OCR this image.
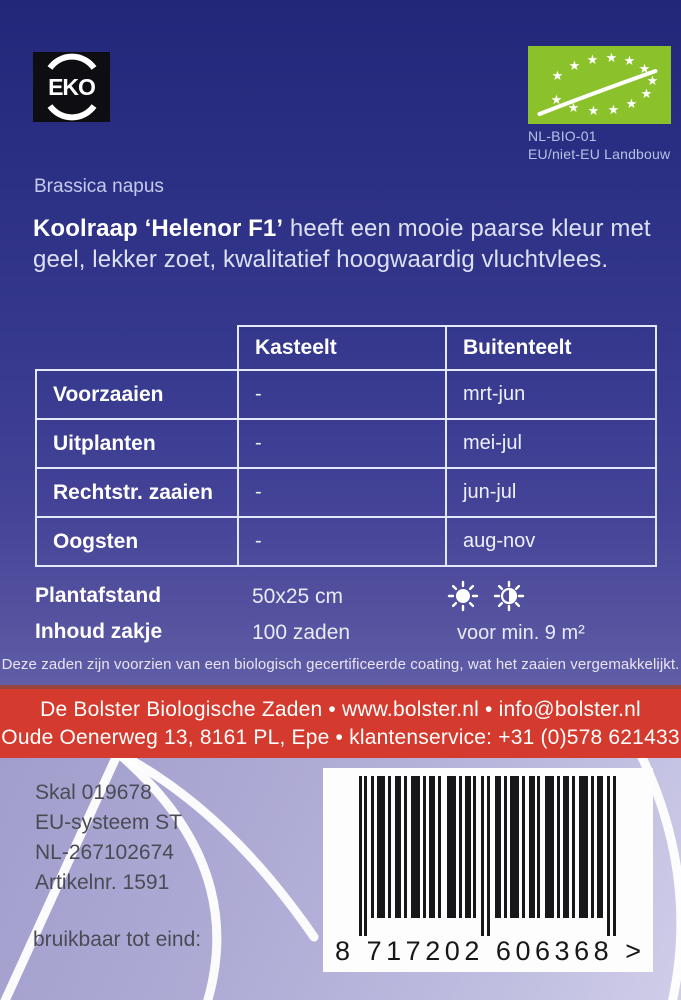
EKO	★
★ ★ ★ ★
★
★
★
★
★
★
★
★
NL-BIO-01
EU/niet-EU Landbouw
Brassica napus
Koolraap ‘Helenor F1’ heeft een mooie paarse kleur met geel, lekker zoet, kwalitatief hoogwaardig vluchtvlees.
	Kasteelt	Buitenteelt
Voorzaaien	-	mrt-jun
Uitplanten	-	mei-jul
Rechtstr. zaaien	-	jun-jul
Oogsten	-	aug-nov
Plantafstand	50x25 cm
Inhoud zakje	100 zaden	voor min. 9 m²
Deze zaden zijn voorzien van een biologisch gecertificeerde coating, wat het zaaien vergemakkelijkt.
De Bolster Biologische Zaden • www.bolster.nl • info@bolster.nl
Oude Oenerweg 13, 8161 PL, Epe • klantenservice: +31 (0)578 621433
Skal 019678
EU-systeem ST
NL-267102674
Artikelnr. 1591
bruikbaar tot eind:	8 717202 606368 >
